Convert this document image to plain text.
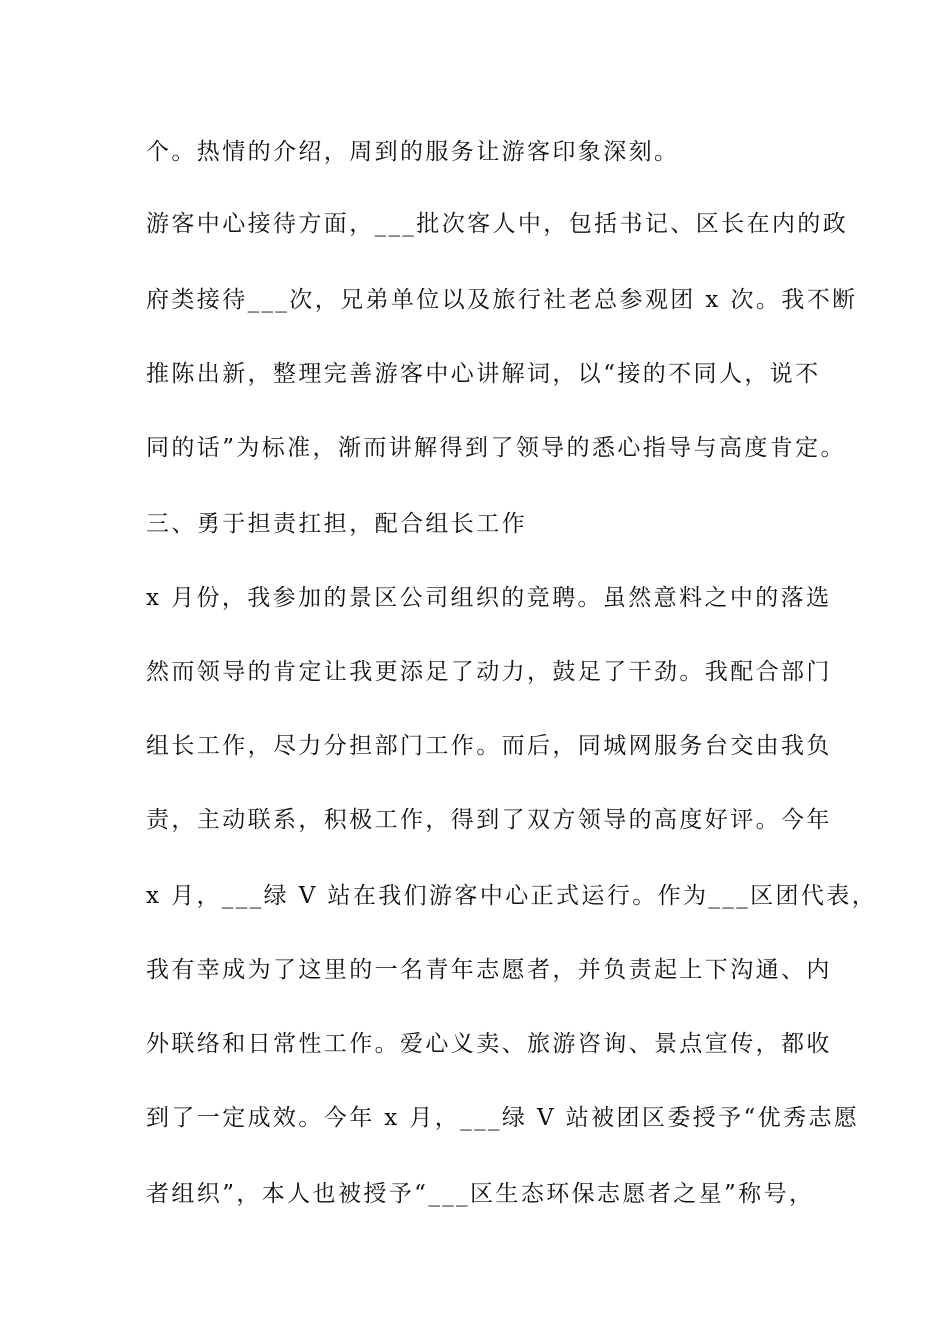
个。热情的介绍，周到的服务让游客印象深刻。
游客中心接待方面，___批次客人中，包括书记、区长在内的政
府类接待___次，兄弟单位以及旅行社老总参观团 x 次。我不断
推陈出新，整理完善游客中心讲解词，以“接的不同人，说不
同的话”为标准，渐而讲解得到了领导的悉心指导与高度肯定。
三、勇于担责扛担，配合组长工作
x 月份，我参加的景区公司组织的竞聘。虽然意料之中的落选
然而领导的肯定让我更添足了动力，鼓足了干劲。我配合部门
组长工作，尽力分担部门工作。而后，同城网服务台交由我负
责，主动联系，积极工作，得到了双方领导的高度好评。今年
x 月，___绿 V 站在我们游客中心正式运行。作为___区团代表，
我有幸成为了这里的一名青年志愿者，并负责起上下沟通、内
外联络和日常性工作。爱心义卖、旅游咨询、景点宣传，都收
到了一定成效。今年 x 月，___绿 V 站被团区委授予“优秀志愿
者组织”，本人也被授予“___区生态环保志愿者之星”称号，
